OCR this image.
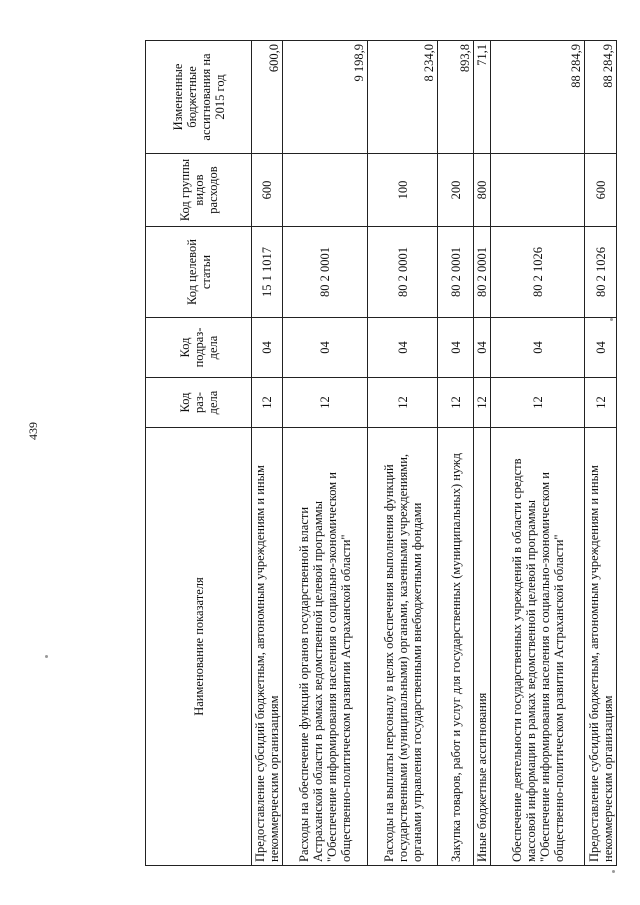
439
Наименование показателя	Код раз-дела	Код подраз-дела	Код целевой статьи	Код группы видов расходов	Измененные бюджетные ассигнования на 2015 год
Предоставление субсидий бюджетным, автономным учреждениям и иным некоммерческим организациям	12	04	15 1 1017	600	600,0
Расходы на обеспечение функций органов государственной власти Астраханской области в рамках ведомственной целевой программы "Обеспечение информирования населения о социально-экономическом и общественно-политическом развитии Астраханской области"	12	04	80 2 0001		9 198,9
Расходы на выплаты персоналу в целях обеспечения выполнения функций государственными (муниципальными) органами, казенными учреждениями, органами управления государственными внебюджетными фондами	12	04	80 2 0001	100	8 234,0
Закупка товаров, работ и услуг для государственных (муниципальных) нужд	12	04	80 2 0001	200	893,8
Иные бюджетные ассигнования	12	04	80 2 0001	800	71,1
Обеспечение деятельности государственных учреждений в области средств массовой информации в рамках ведомственной целевой программы "Обеспечение информирования населения о социально-экономическом и общественно-политическом развитии Астраханской области"	12	04	80 2 1026		88 284,9
Предоставление субсидий бюджетным, автономным учреждениям и иным некоммерческим организациям	12	04	80 2 1026	600	88 284,9
